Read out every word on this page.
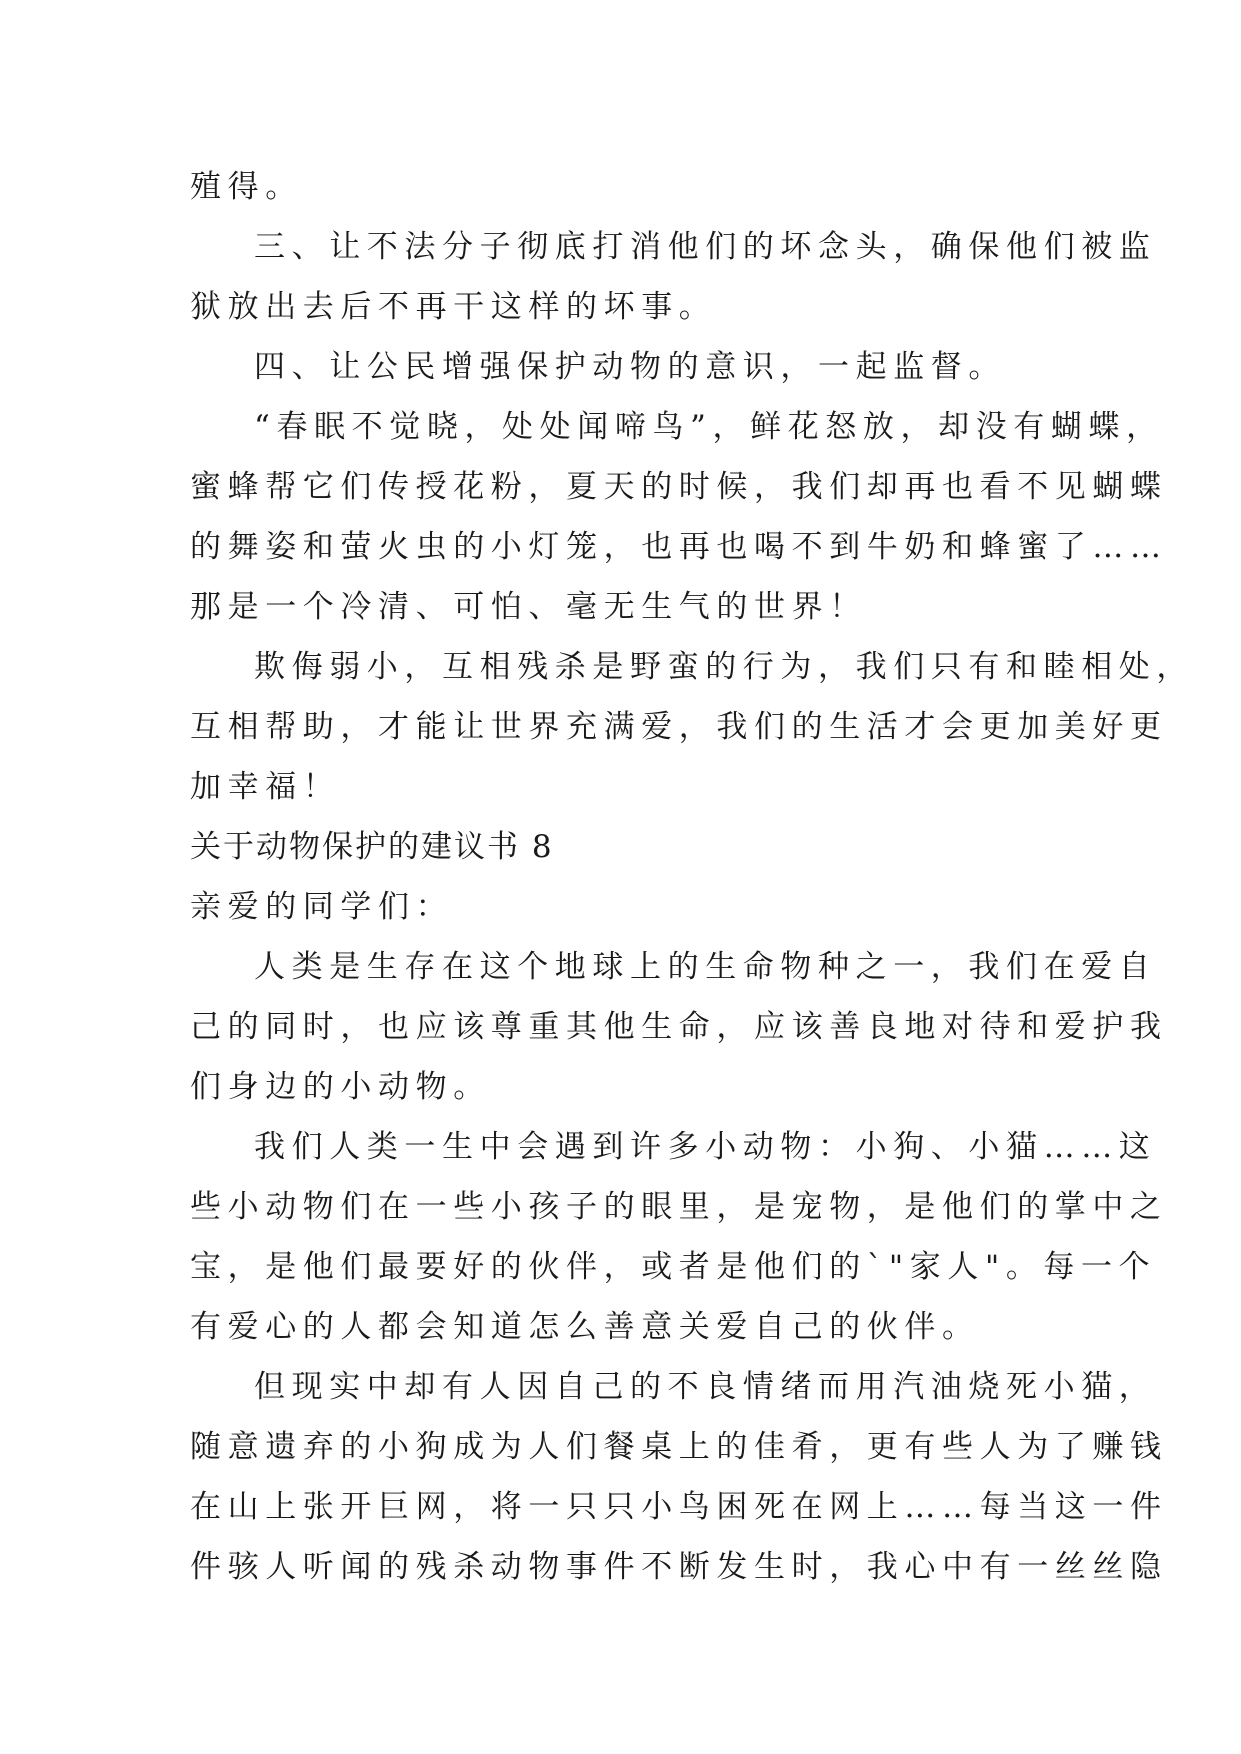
殖得。

三、让不法分子彻底打消他们的坏念头，确保他们被监

狱放出去后不再干这样的坏事。

四、让公民增强保护动物的意识，一起监督。

“春眠不觉晓，处处闻啼鸟”，鲜花怒放，却没有蝴蝶，

蜜蜂帮它们传授花粉，夏天的时候，我们却再也看不见蝴蝶

的舞姿和萤火虫的小灯笼，也再也喝不到牛奶和蜂蜜了……

那是一个冷清、可怕、毫无生气的世界！

欺侮弱小，互相残杀是野蛮的行为，我们只有和睦相处，

互相帮助，才能让世界充满爱，我们的生活才会更加美好更

加幸福！

关于动物保护的建议书 8

亲爱的同学们：

人类是生存在这个地球上的生命物种之一，我们在爱自

己的同时，也应该尊重其他生命，应该善良地对待和爱护我

们身边的小动物。

我们人类一生中会遇到许多小动物：小狗、小猫……这

些小动物们在一些小孩子的眼里，是宠物，是他们的掌中之

宝，是他们最要好的伙伴，或者是他们的`"家人"。每一个

有爱心的人都会知道怎么善意关爱自己的伙伴。

但现实中却有人因自己的不良情绪而用汽油烧死小猫，

随意遗弃的小狗成为人们餐桌上的佳肴，更有些人为了赚钱

在山上张开巨网，将一只只小鸟困死在网上……每当这一件

件骇人听闻的残杀动物事件不断发生时，我心中有一丝丝隐
